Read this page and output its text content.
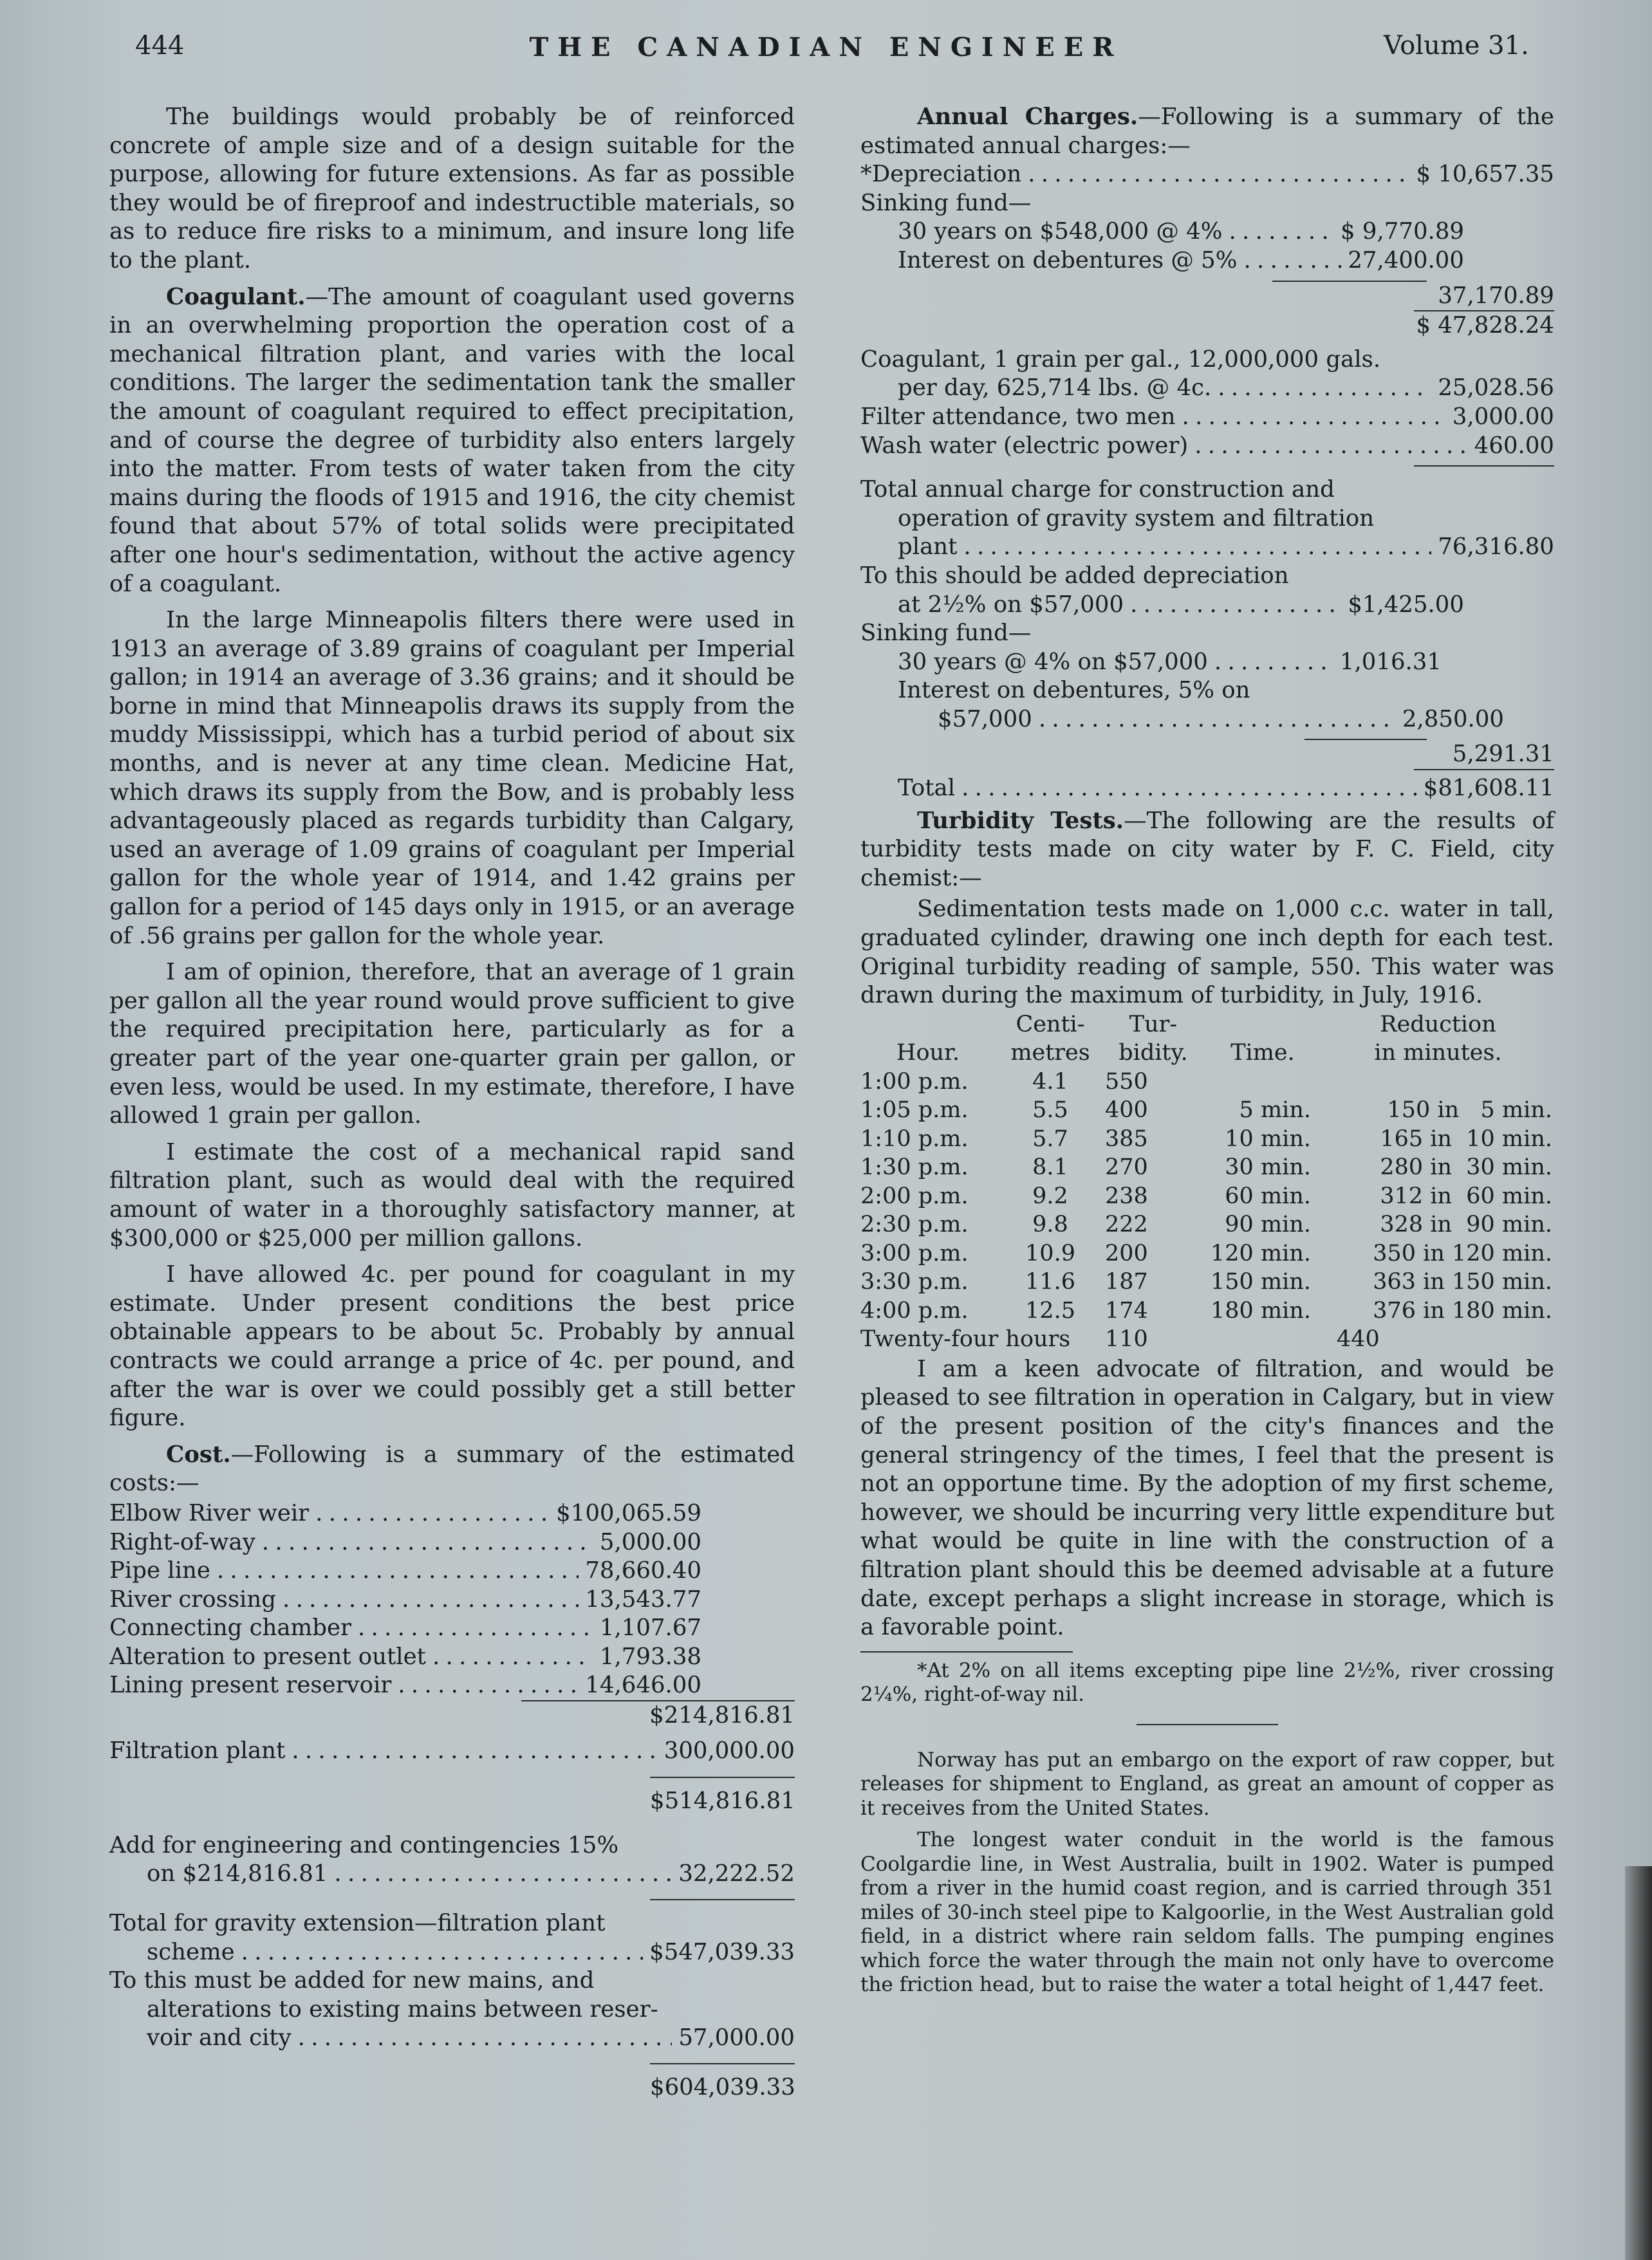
444	THE CANADIAN ENGINEER	Volume 31.

The buildings would probably be of reinforced concrete of ample size and of a design suitable for the purpose, allowing for future extensions. As far as possible they would be of fireproof and indestructible materials, so as to reduce fire risks to a minimum, and insure long life to the plant.

Coagulant.—The amount of coagulant used governs in an overwhelming proportion the operation cost of a mechanical filtration plant, and varies with the local conditions. The larger the sedimentation tank the smaller the amount of coagulant required to effect precipitation, and of course the degree of turbidity also enters largely into the matter. From tests of water taken from the city mains during the floods of 1915 and 1916, the city chemist found that about 57% of total solids were precipitated after one hour's sedimentation, without the active agency of a coagulant.

In the large Minneapolis filters there were used in 1913 an average of 3.89 grains of coagulant per Imperial gallon; in 1914 an average of 3.36 grains; and it should be borne in mind that Minneapolis draws its supply from the muddy Mississippi, which has a turbid period of about six months, and is never at any time clean. Medicine Hat, which draws its supply from the Bow, and is probably less advantageously placed as regards turbidity than Calgary, used an average of 1.09 grains of coagulant per Imperial gallon for the whole year of 1914, and 1.42 grains per gallon for a period of 145 days only in 1915, or an average of .56 grains per gallon for the whole year.

I am of opinion, therefore, that an average of 1 grain per gallon all the year round would prove sufficient to give the required precipitation here, particularly as for a greater part of the year one-quarter grain per gallon, or even less, would be used. In my estimate, therefore, I have allowed 1 grain per gallon.

I estimate the cost of a mechanical rapid sand filtration plant, such as would deal with the required amount of water in a thoroughly satisfactory manner, at $300,000 or $25,000 per million gallons.

I have allowed 4c. per pound for coagulant in my estimate. Under present conditions the best price obtainable appears to be about 5c. Probably by annual contracts we could arrange a price of 4c. per pound, and after the war is over we could possibly get a still better figure.

Cost.—Following is a summary of the estimated costs:—

Elbow River weir . . .	$100,065.59
Right-of-way . . .	5,000.00
Pipe line . . .	78,660.40
River crossing . . .	13,543.77
Connecting chamber . . .	1,107.67
Alteration to present outlet . . .	1,793.38
Lining present reservoir . . .	14,646.00
$214,816.81
Filtration plant . . .	300,000.00
$514,816.81
Add for engineering and contingencies 15%
on $214,816.81 . . .	32,222.52
Total for gravity extension—filtration plant
scheme . . .	$547,039.33
To this must be added for new mains, and
alterations to existing mains between reser-
voir and city . . .	57,000.00
$604,039.33

Annual Charges.—Following is a summary of the estimated annual charges:—

*Depreciation . . .	$ 10,657.35
Sinking fund—
30 years on $548,000 @ 4% . . .	$ 9,770.89
Interest on debentures @ 5% . . .	27,400.00
37,170.89
$ 47,828.24
Coagulant, 1 grain per gal., 12,000,000 gals.
per day, 625,714 lbs. @ 4c. . . .	25,028.56
Filter attendance, two men . . .	3,000.00
Wash water (electric power) . . .	460.00
Total annual charge for construction and
operation of gravity system and filtration
plant . . .	76,316.80
To this should be added depreciation
at 2½% on $57,000 . . .	$1,425.00
Sinking fund—
30 years @ 4% on $57,000 . . .	1,016.31
Interest on debentures, 5% on
$57,000 . . .	2,850.00
5,291.31
Total . . .	$81,608.11

Turbidity Tests.—The following are the results of turbidity tests made on city water by F. C. Field, city chemist:—

Sedimentation tests made on 1,000 c.c. water in tall, graduated cylinder, drawing one inch depth for each test. Original turbidity reading of sample, 550. This water was drawn during the maximum of turbidity, in July, 1916.

	Centi-	Tur-		Reduction
Hour.	metres	bidity.	Time.	in minutes.
1:00 p.m.	4.1	550		
1:05 p.m.	5.5	400	5 min.	150 in   5 min.
1:10 p.m.	5.7	385	10 min.	165 in  10 min.
1:30 p.m.	8.1	270	30 min.	280 in  30 min.
2:00 p.m.	9.2	238	60 min.	312 in  60 min.
2:30 p.m.	9.8	222	90 min.	328 in  90 min.
3:00 p.m.	10.9	200	120 min.	350 in 120 min.
3:30 p.m.	11.6	187	150 min.	363 in 150 min.
4:00 p.m.	12.5	174	180 min.	376 in 180 min.
Twenty-four hours		110		440

I am a keen advocate of filtration, and would be pleased to see filtration in operation in Calgary, but in view of the present position of the city's finances and the general stringency of the times, I feel that the present is not an opportune time. By the adoption of my first scheme, however, we should be incurring very little expenditure but what would be quite in line with the construction of a filtration plant should this be deemed advisable at a future date, except perhaps a slight increase in storage, which is a favorable point.

*At 2% on all items excepting pipe line 2½%, river crossing 2¼%, right-of-way nil.

Norway has put an embargo on the export of raw copper, but releases for shipment to England, as great an amount of copper as it receives from the United States.

The longest water conduit in the world is the famous Coolgardie line, in West Australia, built in 1902. Water is pumped from a river in the humid coast region, and is carried through 351 miles of 30-inch steel pipe to Kalgoorlie, in the West Australian gold field, in a district where rain seldom falls. The pumping engines which force the water through the main not only have to overcome the friction head, but to raise the water a total height of 1,447 feet.
